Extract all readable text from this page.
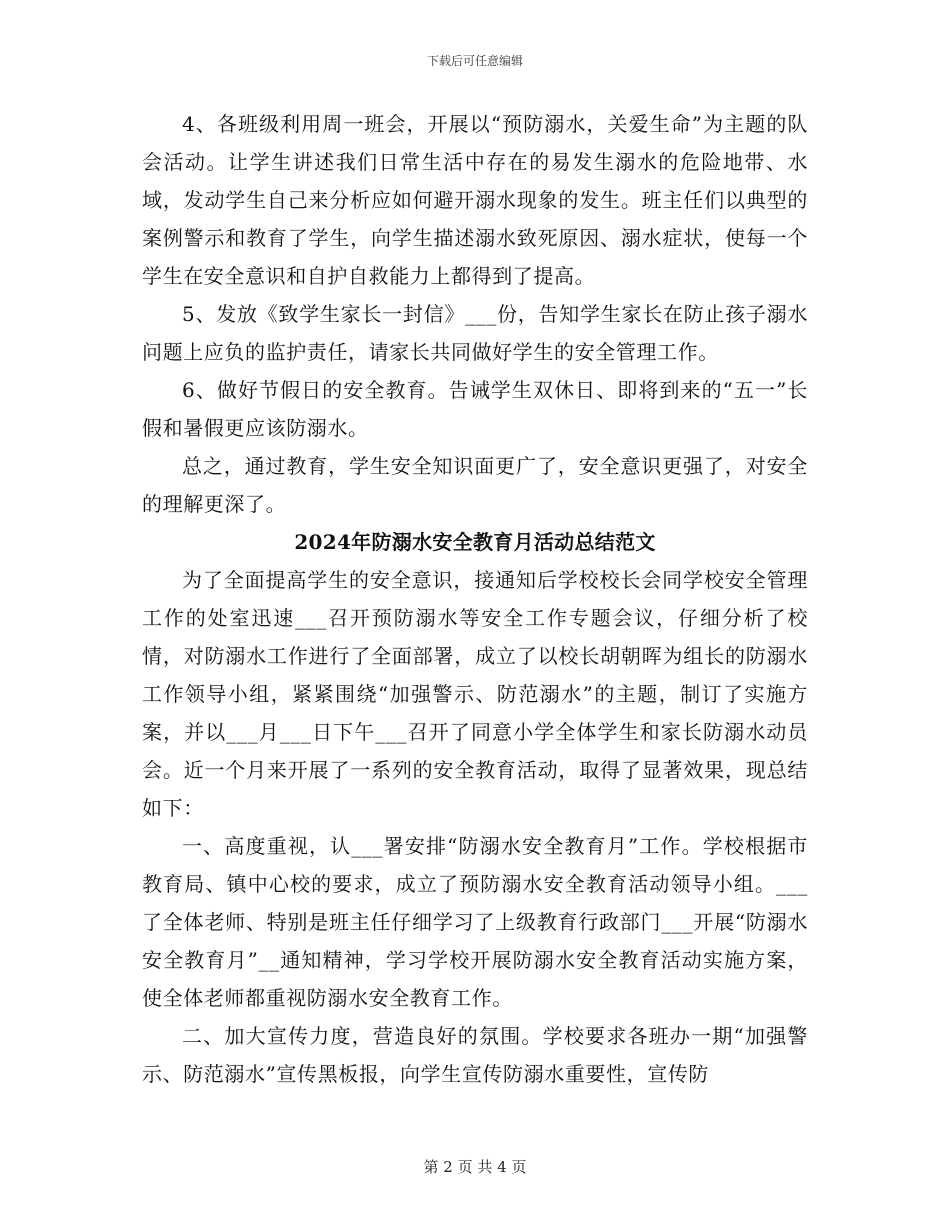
下载后可任意编辑

4、各班级利用周一班会，开展以“预防溺水，关爱生命”为主题的队会活动。让学生讲述我们日常生活中存在的易发生溺水的危险地带、水域，发动学生自己来分析应如何避开溺水现象的发生。班主任们以典型的案例警示和教育了学生，向学生描述溺水致死原因、溺水症状，使每一个学生在安全意识和自护自救能力上都得到了提高。

5、发放《致学生家长一封信》___份，告知学生家长在防止孩子溺水问题上应负的监护责任，请家长共同做好学生的安全管理工作。

6、做好节假日的安全教育。告诫学生双休日、即将到来的“五一”长假和暑假更应该防溺水。

总之，通过教育，学生安全知识面更广了，安全意识更强了，对安全的理解更深了。

2024年防溺水安全教育月活动总结范文

为了全面提高学生的安全意识，接通知后学校校长会同学校安全管理工作的处室迅速___召开预防溺水等安全工作专题会议，仔细分析了校情，对防溺水工作进行了全面部署，成立了以校长胡朝晖为组长的防溺水工作领导小组，紧紧围绕“加强警示、防范溺水”的主题，制订了实施方案，并以___月___日下午___召开了同意小学全体学生和家长防溺水动员会。近一个月来开展了一系列的安全教育活动，取得了显著效果，现总结如下：

一、高度重视，认___署安排“防溺水安全教育月”工作。学校根据市教育局、镇中心校的要求，成立了预防溺水安全教育活动领导小组。___了全体老师、特别是班主任仔细学习了上级教育行政部门___开展“防溺水安全教育月”__通知精神，学习学校开展防溺水安全教育活动实施方案，使全体老师都重视防溺水安全教育工作。

二、加大宣传力度，营造良好的氛围。学校要求各班办一期“加强警示、防范溺水”宣传黑板报，向学生宣传防溺水重要性，宣传防

第 2 页 共 4 页
